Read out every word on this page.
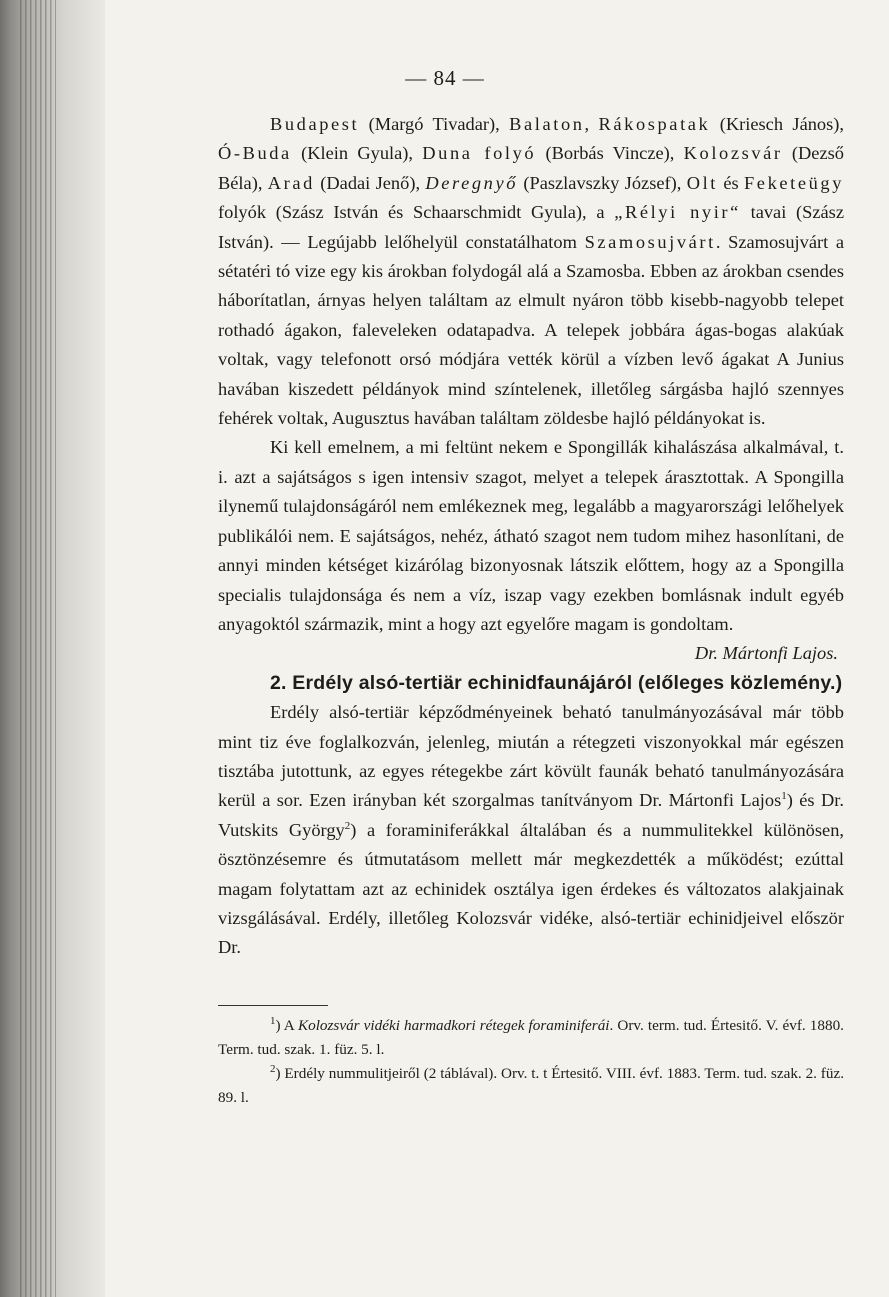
— 84 —

Budapest (Margó Tivadar), Balaton, Rákospatak (Kriesch János), Ó-Buda (Klein Gyula), Duna folyó (Borbás Vincze), Kolozsvár (Dezső Béla), Arad (Dadai Jenő), Deregnyő (Paszlavszky József), Olt és Feketeügy folyók (Szász István és Schaarschmidt Gyula), a „Rélyi nyir“ tavai (Szász István). — Legújabb lelőhelyül constatálhatom Szamosujvárt. Szamosujvárt a sétatéri tó vize egy kis árokban folydogál alá a Szamosba. Ebben az árokban csendes háborítatlan, árnyas helyen találtam az elmult nyáron több kisebb-nagyobb telepet rothadó ágakon, faleveleken odatapadva. A telepek jobbára ágas-bogas alakúak voltak, vagy telefonott orsó módjára vették körül a vízben levő ágakat A Junius havában kiszedett példányok mind színtelenek, illetőleg sárgásba hajló szennyes fehérek voltak, Augusztus havában találtam zöldesbe hajló példányokat is.

Ki kell emelnem, a mi feltünt nekem e Spongillák kihalászása alkalmával, t. i. azt a sajátságos s igen intensiv szagot, melyet a telepek árasztottak. A Spongilla ilynemű tulajdonságáról nem emlékeznek meg, legalább a magyarországi lelőhelyek publikálói nem. E sajátságos, nehéz, átható szagot nem tudom mihez hasonlítani, de annyi minden kétséget kizárólag bizonyosnak látszik előttem, hogy az a Spongilla specialis tulajdonsága és nem a víz, iszap vagy ezekben bomlásnak indult egyéb anyagoktól származik, mint a hogy azt egyelőre magam is gondoltam.

Dr. Mártonfi Lajos.

2. Erdély alsó-tertiär echinidfaunájáról (előleges közlemény.)

Erdély alsó-tertiär képződményeinek beható tanulmányozásával már több mint tiz éve foglalkozván, jelenleg, miután a rétegzeti viszonyokkal már egészen tisztába jutottunk, az egyes rétegekbe zárt kövült faunák beható tanulmányozására kerül a sor. Ezen irányban két szorgalmas tanítványom Dr. Mártonfi Lajos$^1$) és Dr. Vutskits György$^2$) a foraminiferákkal általában és a nummulitekkel különösen, ösztönzésemre és útmutatásom mellett már megkezdették a működést; ezúttal magam folytattam azt az echinidek osztálya igen érdekes és változatos alakjainak vizsgálásával. Erdély, illetőleg Kolozsvár vidéke, alsó-tertiär echinidjeivel először Dr.

$^1$) A Kolozsvár vidéki harmadkori rétegek foraminiferái. Orv. term. tud. Értesitő. V. évf. 1880. Term. tud. szak. 1. füz. 5. l.

$^2$) Erdély nummulitjeiről (2 táblával). Orv. t. t Értesitő. VIII. évf. 1883. Term. tud. szak. 2. füz. 89. l.
